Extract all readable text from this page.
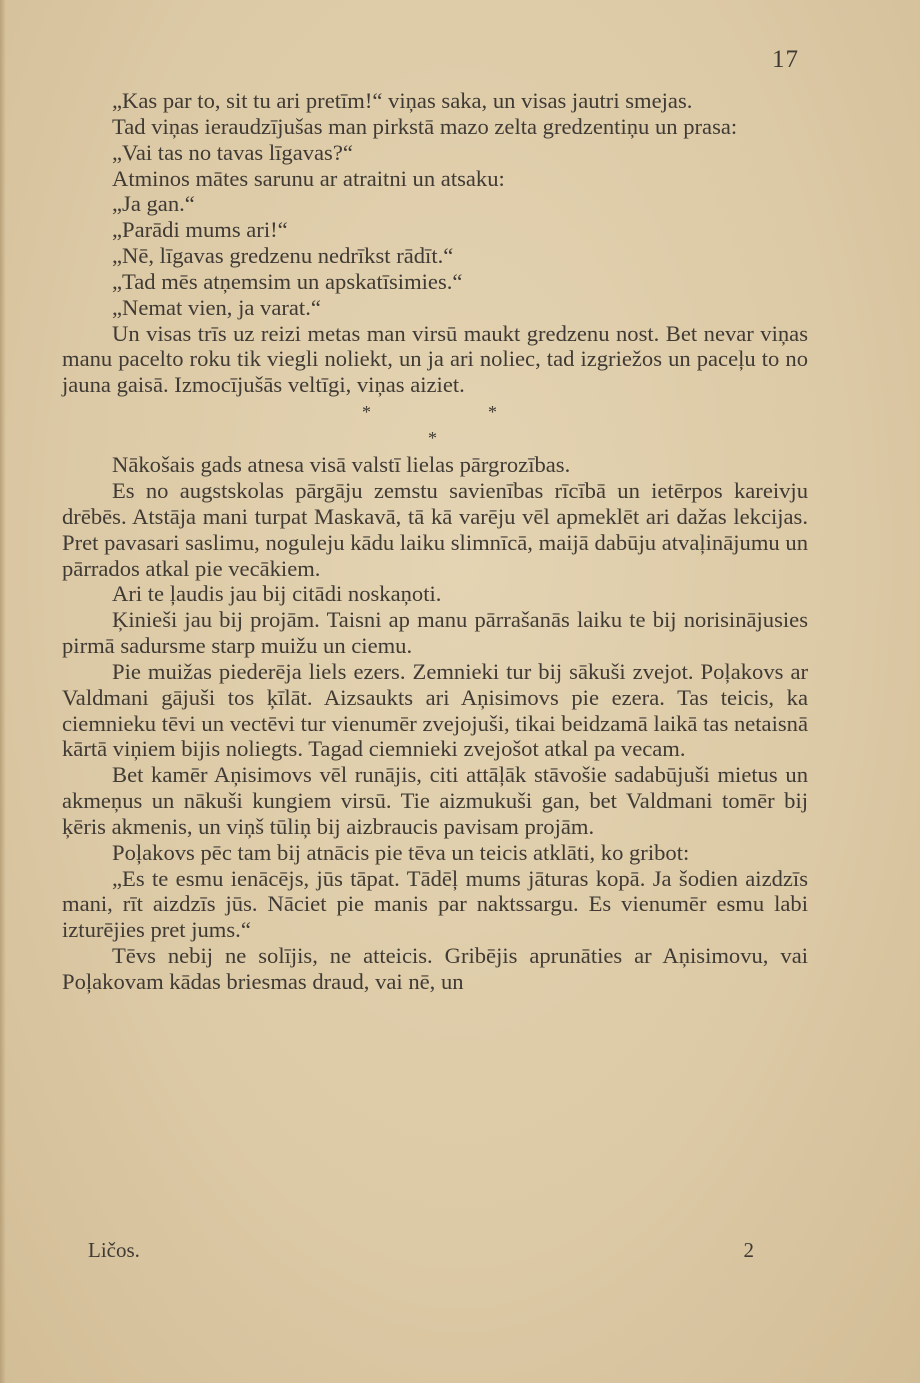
17

„Kas par to, sit tu ari pretīm!“ viņas saka, un visas jautri smejas.

Tad viņas ieraudzījušas man pirkstā mazo zelta gredzentiņu un prasa:

„Vai tas no tavas līgavas?“

Atminos mātes sarunu ar atraitni un atsaku:

„Ja gan.“

„Parādi mums ari!“

„Nē, līgavas gredzenu nedrīkst rādīt.“

„Tad mēs atņemsim un apskatīsimies.“

„Nemat vien, ja varat.“

Un visas trīs uz reizi metas man virsū maukt gredzenu nost. Bet nevar viņas manu pacelto roku tik viegli noliekt, un ja ari noliec, tad izgriežos un paceļu to no jauna gaisā. Izmocījušās veltīgi, viņas aiziet.

*	*
*

Nākošais gads atnesa visā valstī lielas pārgrozības.

Es no augstskolas pārgāju zemstu savienības rīcībā un ietērpos kareivju drēbēs. Atstāja mani turpat Maskavā, tā kā varēju vēl apmeklēt ari dažas lekcijas. Pret pavasari saslimu, noguleju kādu laiku slimnīcā, maijā dabūju atvaļinājumu un pārrados atkal pie vecākiem.

Ari te ļaudis jau bij citādi noskaņoti.

Ķinieši jau bij projām. Taisni ap manu pārrašanās laiku te bij norisinājusies pirmā sadursme starp muižu un ciemu.

Pie muižas piederēja liels ezers. Zemnieki tur bij sākuši zvejot. Poļakovs ar Valdmani gājuši tos ķīlāt. Aizsaukts ari Aņisimovs pie ezera. Tas teicis, ka ciemnieku tēvi un vectēvi tur vienumēr zvejojuši, tikai beidzamā laikā tas netaisnā kārtā viņiem bijis noliegts. Tagad ciemnieki zvejošot atkal pa vecam.

Bet kamēr Aņisimovs vēl runājis, citi attāļāk stāvošie sadabūjuši mietus un akmeņus un nākuši kungiem virsū. Tie aizmukuši gan, bet Valdmani tomēr bij ķēris akmenis, un viņš tūliņ bij aizbraucis pavisam projām.

Poļakovs pēc tam bij atnācis pie tēva un teicis atklāti, ko gribot:

„Es te esmu ienācējs, jūs tāpat. Tādēļ mums jāturas kopā. Ja šodien aizdzīs mani, rīt aizdzīs jūs. Nāciet pie manis par naktssargu. Es vienumēr esmu labi izturējies pret jums.“

Tēvs nebij ne solījis, ne atteicis. Gribējis aprunāties ar Aņisimovu, vai Poļakovam kādas briesmas draud, vai nē, un

Ličos.	2
